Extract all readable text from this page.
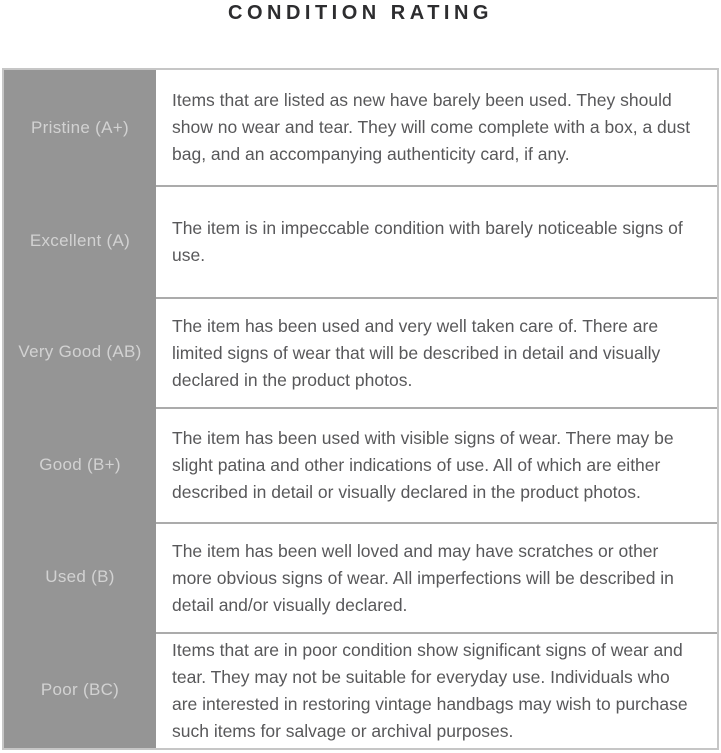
CONDITION RATING
Pristine (A+)
Items that are listed as new have barely been used. They should show no wear and tear. They will come complete with a box, a dust bag, and an accompanying authenticity card, if any.
Excellent (A)
The item is in impeccable condition with barely noticeable signs of use.
Very Good (AB)
The item has been used and very well taken care of. There are limited signs of wear that will be described in detail and visually declared in the product photos.
Good (B+)
The item has been used with visible signs of wear. There may be slight patina and other indications of use. All of which are either described in detail or visually declared in the product photos.
Used (B)
The item has been well loved and may have scratches or other more obvious signs of wear. All imperfections will be described in detail and/or visually declared.
Poor (BC)
Items that are in poor condition show significant signs of wear and tear. They may not be suitable for everyday use. Individuals who are interested in restoring vintage handbags may wish to purchase such items for salvage or archival purposes.
